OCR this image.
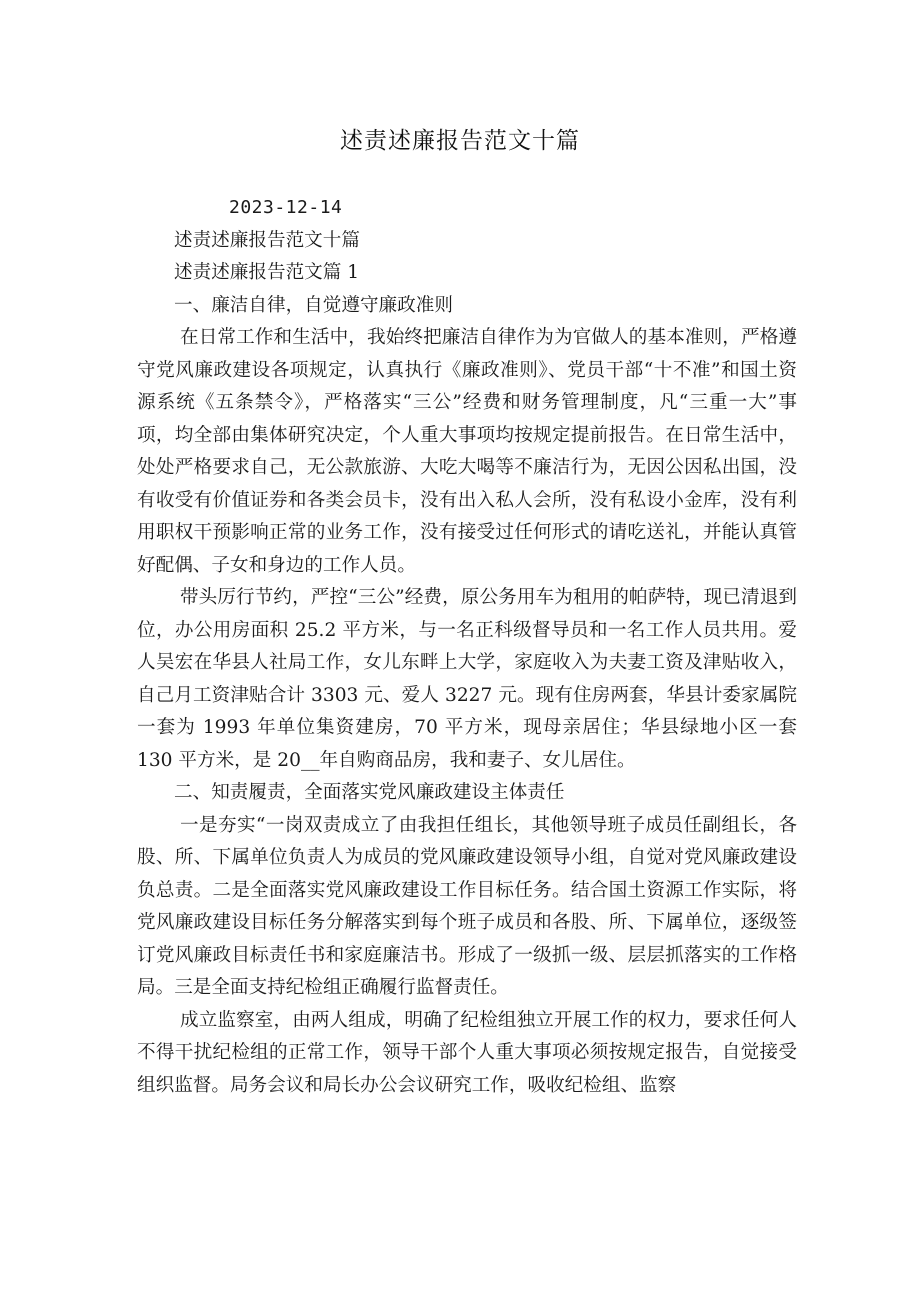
述责述廉报告范文十篇

2023-12-14

述责述廉报告范文十篇

述责述廉报告范文篇 1

一、廉洁自律，自觉遵守廉政准则

在日常工作和生活中，我始终把廉洁自律作为为官做人的基本准则，严格遵守党风廉政建设各项规定，认真执行《廉政准则》、党员干部“十不准”和国土资源系统《五条禁令》，严格落实“三公”经费和财务管理制度，凡“三重一大”事项，均全部由集体研究决定，个人重大事项均按规定提前报告。在日常生活中，处处严格要求自己，无公款旅游、大吃大喝等不廉洁行为，无因公因私出国，没有收受有价值证券和各类会员卡，没有出入私人会所，没有私设小金库，没有利用职权干预影响正常的业务工作，没有接受过任何形式的请吃送礼，并能认真管好配偶、子女和身边的工作人员。

带头厉行节约，严控“三公”经费，原公务用车为租用的帕萨特，现已清退到位，办公用房面积 25.2 平方米，与一名正科级督导员和一名工作人员共用。爱人吴宏在华县人社局工作，女儿东畔上大学，家庭收入为夫妻工资及津贴收入，自己月工资津贴合计 3303 元、爱人 3227 元。现有住房两套，华县计委家属院一套为 1993 年单位集资建房，70 平方米，现母亲居住；华县绿地小区一套 130 平方米，是 20__年自购商品房，我和妻子、女儿居住。

二、知责履责，全面落实党风廉政建设主体责任

一是夯实“一岗双责成立了由我担任组长，其他领导班子成员任副组长，各股、所、下属单位负责人为成员的党风廉政建设领导小组，自觉对党风廉政建设负总责。二是全面落实党风廉政建设工作目标任务。结合国土资源工作实际，将党风廉政建设目标任务分解落实到每个班子成员和各股、所、下属单位，逐级签订党风廉政目标责任书和家庭廉洁书。形成了一级抓一级、层层抓落实的工作格局。三是全面支持纪检组正确履行监督责任。

成立监察室，由两人组成，明确了纪检组独立开展工作的权力，要求任何人不得干扰纪检组的正常工作，领导干部个人重大事项必须按规定报告，自觉接受组织监督。局务会议和局长办公会议研究工作，吸收纪检组、监察
